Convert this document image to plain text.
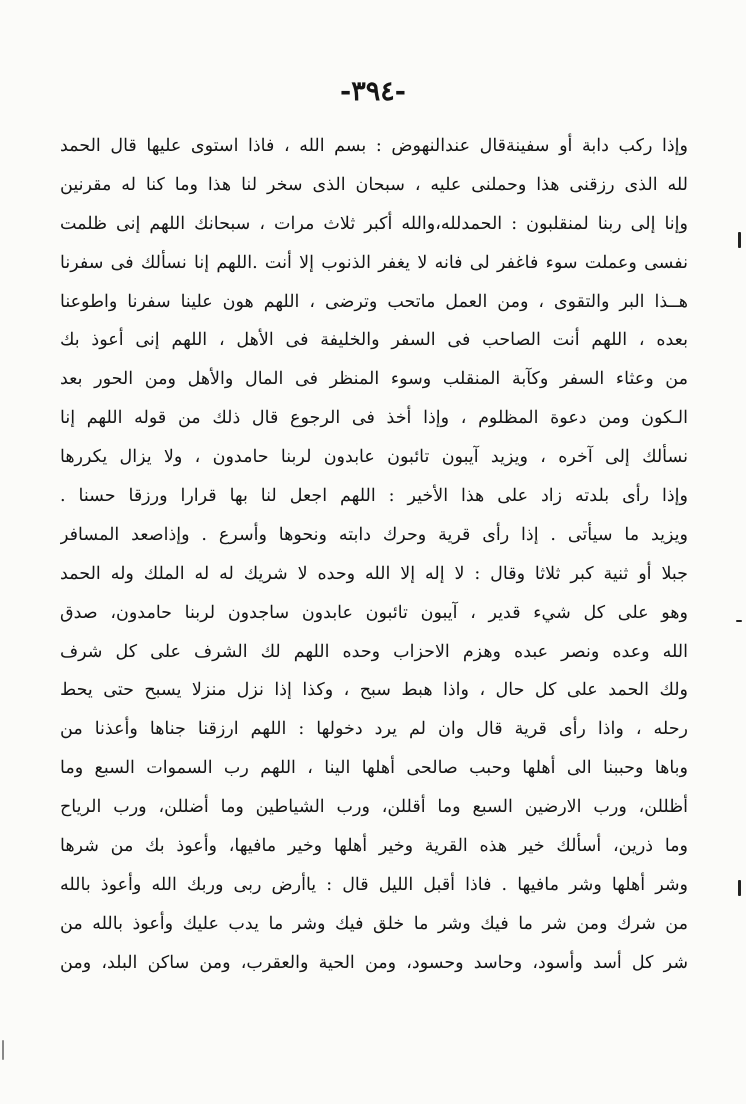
-٣٩٤-
وإذا ركب دابة أو سفينةقال عندالنهوض : بسم الله ، فاذا استوى عليها قال الحمد
لله الذى رزقنى هذا وحملنى عليه ، سبحان الذى سخر لنا هذا وما كنا له مقرنين
وإنا إلى ربنا لمنقلبون : الحمدلله،والله أكبر ثلاث مرات ، سبحانك اللهم إنى ظلمت
نفسى وعملت سوء فاغفر لى فانه لا يغفر الذنوب إلا أنت .اللهم إنا نسألك فى سفرنا
هــذا البر والتقوى ، ومن العمل ماتحب وترضى ، اللهم هون علينا سفرنا واطوعنا
بعده ، اللهم أنت الصاحب فى السفر والخليفة فى الأهل ، اللهم إنى أعوذ بك
من وعثاء السفر وكآبة المنقلب وسوء المنظر فى المال والأهل ومن الحور بعد
الـكون ومن دعوة المظلوم ، وإذا أخذ فى الرجوع قال ذلك من قوله اللهم إنا
نسألك إلى آخره ، ويزيد آيبون تائبون عابدون لربنا حامدون ، ولا يزال يكررها
وإذا رأى بلدته زاد على هذا الأخير : اللهم اجعل لنا بها قرارا ورزقا حسنا .
ويزيد ما سيأتى . إذا رأى قرية وحرك دابته ونحوها وأسرع . وإذاصعد المسافر
جبلا أو ثنية كبر ثلاثا وقال : لا إله إلا الله وحده لا شريك له له الملك وله الحمد
وهو على كل شيء قدير ، آيبون تائبون عابدون ساجدون لربنا حامدون، صدق
الله وعده ونصر عبده وهزم الاحزاب وحده اللهم لك الشرف على كل شرف
ولك الحمد على كل حال ، واذا هبط سبح ، وكذا إذا نزل منزلا يسبح حتى يحط
رحله ، واذا رأى قرية قال وان لم يرد دخولها : اللهم ارزقنا جناها وأعذنا من
وباها وحببنا الى أهلها وحبب صالحى أهلها الينا ، اللهم رب السموات السبع وما
أظللن، ورب الارضين السبع وما أقللن، ورب الشياطين وما أضللن، ورب الرياح
وما ذرين، أسألك خير هذه القرية وخير أهلها وخير مافيها، وأعوذ بك من شرها
وشر أهلها وشر مافيها . فاذا أقبل الليل قال : ياأرض ربى وربك الله وأعوذ بالله
من شرك ومن شر ما فيك وشر ما خلق فيك وشر ما يدب عليك وأعوذ بالله من
شر كل أسد وأسود، وحاسد وحسود، ومن الحية والعقرب، ومن ساكن البلد، ومن
